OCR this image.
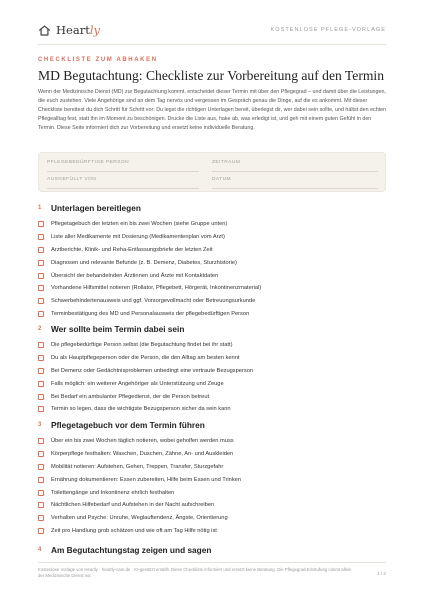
Heartly	KOSTENLOSE PFLEGE-VORLAGE
CHECKLISTE ZUM ABHAKEN
MD Begutachtung: Checkliste zur Vorbereitung auf den Termin
Wenn der Medizinische Dienst (MD) zur Begutachtung kommt, entscheidet dieser Termin mit über den Pflegegrad – und damit über die Leistungen, die euch zustehen. Viele Angehörige sind an dem Tag nervös und vergessen im Gespräch genau die Dinge, auf die es ankommt. Mit dieser Checkliste bereitest du dich Schritt für Schritt vor: Du legst die richtigen Unterlagen bereit, überlegst dir, wer dabei sein sollte, und hältst den echten Pflegealltag fest, statt ihn im Moment zu beschönigen. Drucke die Liste aus, hake ab, was erledigt ist, und geh mit einem guten Gefühl in den Termin. Diese Seite informiert dich zur Vorbereitung und ersetzt keine individuelle Beratung.
PFLEGEBEDÜRFTIGE PERSON	ZEITRAUM
AUSGEFÜLLT VON	DATUM
1	Unterlagen bereitlegen
Pflegetagebuch der letzten ein bis zwei Wochen (siehe Gruppe unten)
Liste aller Medikamente mit Dosierung (Medikamentenplan vom Arzt)
Arztberichte, Klinik- und Reha-Entlassungsbriefe der letzten Zeit
Diagnosen und relevante Befunde (z. B. Demenz, Diabetes, Sturzhistorie)
Übersicht der behandelnden Ärztinnen und Ärzte mit Kontaktdaten
Vorhandene Hilfsmittel notieren (Rollator, Pflegebett, Hörgerät, Inkontinenzmaterial)
Schwerbehindertenausweis und ggf. Vorsorgevollmacht oder Betreuungsurkunde
Terminbestätigung des MD und Personalausweis der pflegebedürftigen Person
2	Wer sollte beim Termin dabei sein
Die pflegebedürftige Person selbst (die Begutachtung findet bei ihr statt)
Du als Hauptpflegeperson oder die Person, die den Alltag am besten kennt
Bei Demenz oder Gedächtnisproblemen unbedingt eine vertraute Bezugsperson
Falls möglich: ein weiterer Angehöriger als Unterstützung und Zeuge
Bei Bedarf ein ambulanter Pflegedienst, der die Person betreut
Termin so legen, dass die wichtigste Bezugsperson sicher da sein kann
3	Pflegetagebuch vor dem Termin führen
Über ein bis zwei Wochen täglich notieren, wobei geholfen werden muss
Körperpflege festhalten: Waschen, Duschen, Zähne, An- und Auskleiden
Mobilität notieren: Aufstehen, Gehen, Treppen, Transfer, Sturzgefahr
Ernährung dokumentieren: Essen zubereiten, Hilfe beim Essen und Trinken
Toilettengänge und Inkontinenz ehrlich festhalten
Nächtlichen Hilfebedarf und Aufstehen in der Nacht aufschreiben
Verhalten und Psyche: Unruhe, Weglauftendenz, Ängste, Orientierung
Zeit pro Handlung grob schätzen und wie oft am Tag Hilfe nötig ist
4	Am Begutachtungstag zeigen und sagen
Kostenlose Vorlage von Heartly · heartly-care.de · KI-gestützt erstellt. Diese Checkliste informiert und ersetzt keine Beratung. Die Pflegegrad-Einstufung nimmt allein der Medizinische Dienst vor.	1 / 2
